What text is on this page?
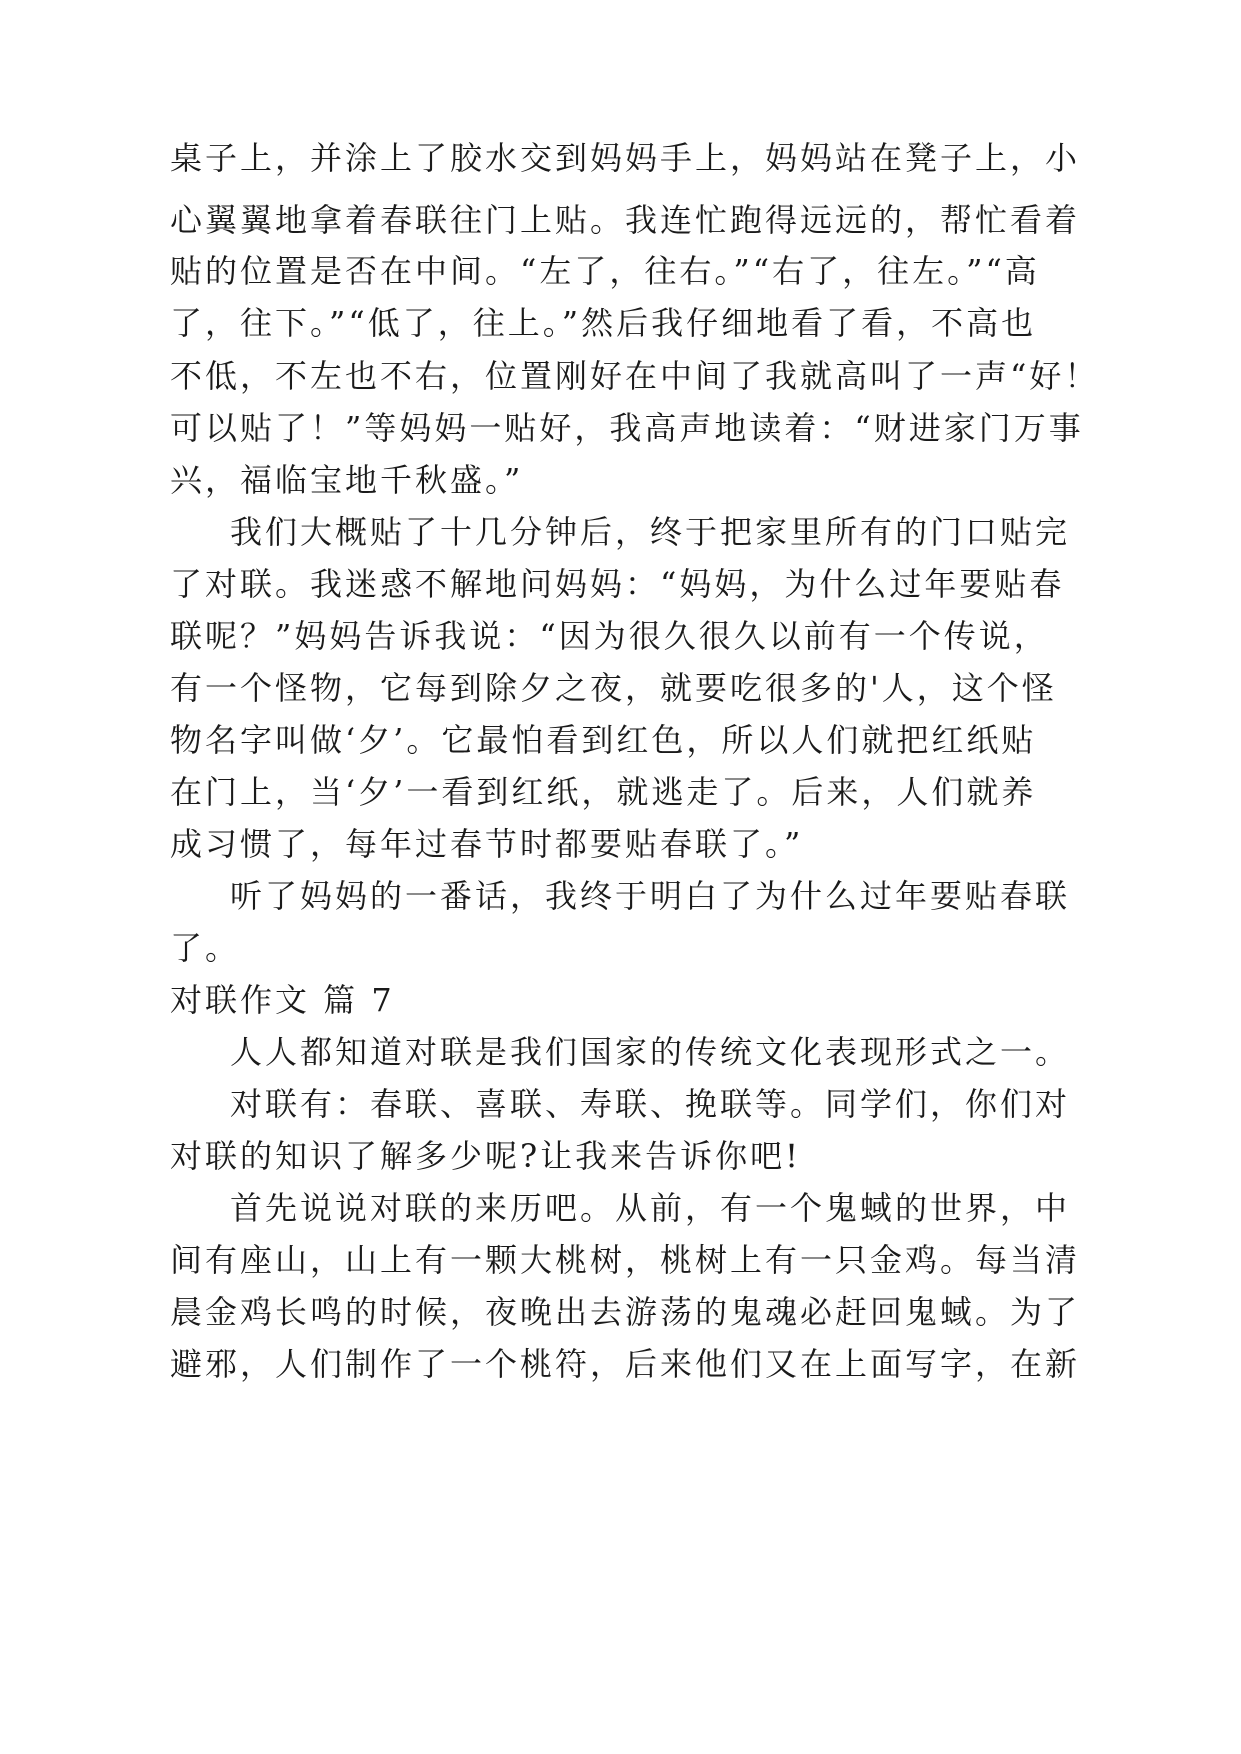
桌子上，并涂上了胶水交到妈妈手上，妈妈站在凳子上，小
心翼翼地拿着春联往门上贴。我连忙跑得远远的，帮忙看着
贴的位置是否在中间。“左了，往右。”“右了，往左。”“高
了，往下。”“低了，往上。”然后我仔细地看了看，不高也
不低，不左也不右，位置刚好在中间了我就高叫了一声“好！
可以贴了！”等妈妈一贴好，我高声地读着：“财进家门万事
兴，福临宝地千秋盛。”
我们大概贴了十几分钟后，终于把家里所有的门口贴完
了对联。我迷惑不解地问妈妈：“妈妈，为什么过年要贴春
联呢？”妈妈告诉我说：“因为很久很久以前有一个传说，
有一个怪物，它每到除夕之夜，就要吃很多的'人，这个怪
物名字叫做‘夕’。它最怕看到红色，所以人们就把红纸贴
在门上，当‘夕’一看到红纸，就逃走了。后来，人们就养
成习惯了，每年过春节时都要贴春联了。”
听了妈妈的一番话，我终于明白了为什么过年要贴春联
了。
对联作文 篇 7
人人都知道对联是我们国家的传统文化表现形式之一。
对联有：春联、喜联、寿联、挽联等。同学们，你们对
对联的知识了解多少呢?让我来告诉你吧!
首先说说对联的来历吧。从前，有一个鬼蜮的世界，中
间有座山，山上有一颗大桃树，桃树上有一只金鸡。每当清
晨金鸡长鸣的时候，夜晚出去游荡的鬼魂必赶回鬼蜮。为了
避邪，人们制作了一个桃符，后来他们又在上面写字，在新
